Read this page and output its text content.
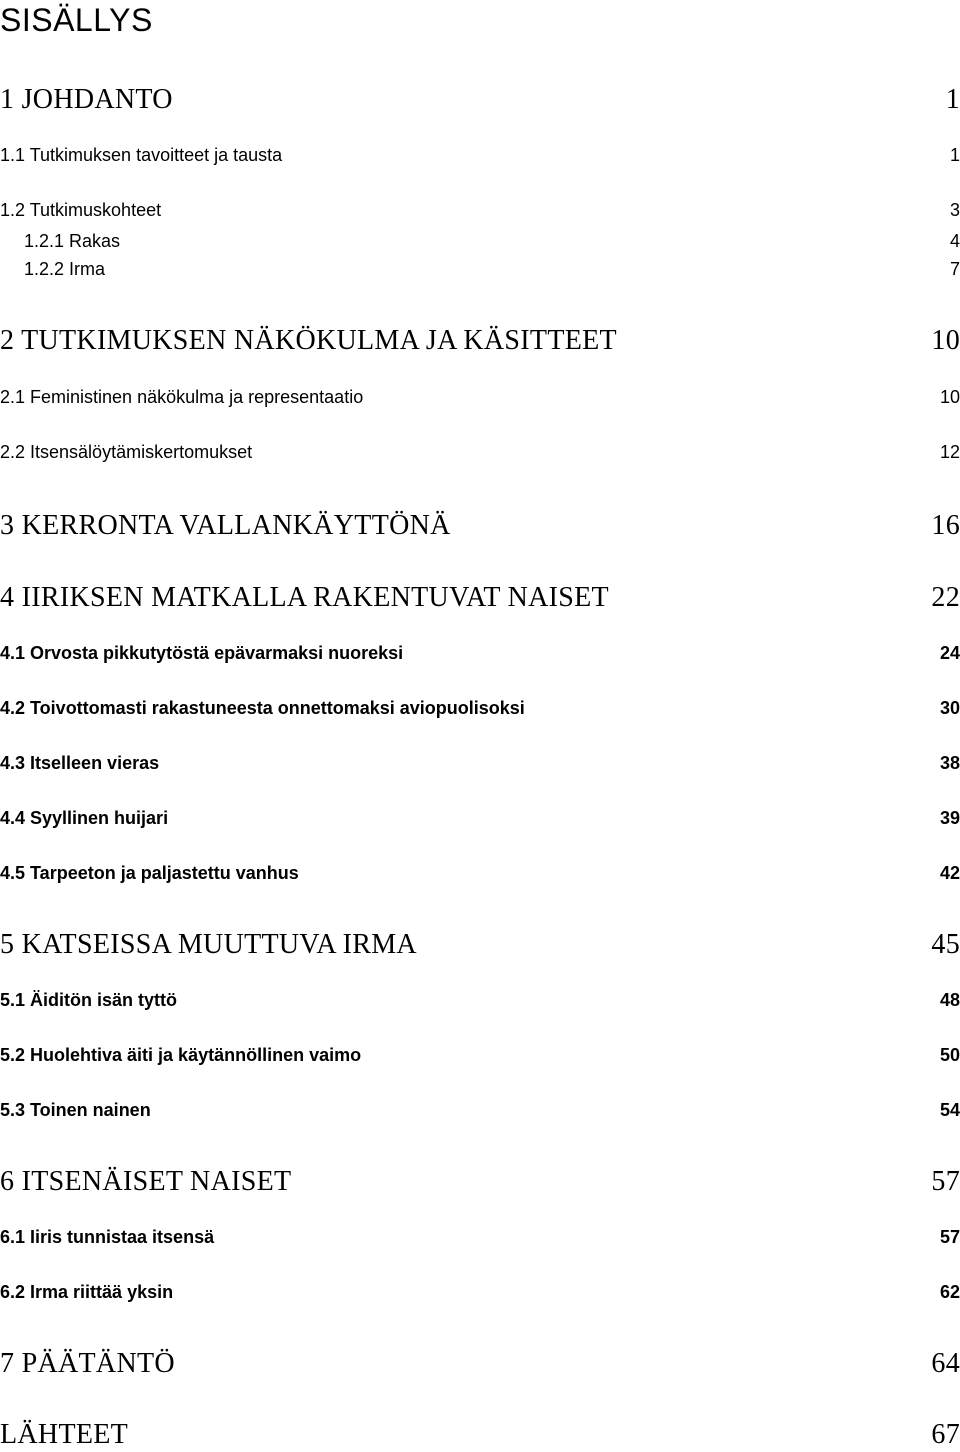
SISÄLLYS
1 JOHDANTO	1
1.1 Tutkimuksen tavoitteet ja tausta	1
1.2 Tutkimuskohteet	3
1.2.1 Rakas	4
1.2.2 Irma	7
2 TUTKIMUKSEN NÄKÖKULMA JA KÄSITTEET	10
2.1 Feministinen näkökulma ja representaatio	10
2.2 Itsensälöytämiskertomukset	12
3 KERRONTA VALLANKÄYTTÖNÄ	16
4 IIRIKSEN MATKALLA RAKENTUVAT NAISET	22
4.1 Orvosta pikkutytöstä epävarmaksi nuoreksi	24
4.2 Toivottomasti rakastuneesta onnettomaksi aviopuolisoksi	30
4.3 Itselleen vieras	38
4.4 Syyllinen huijari	39
4.5 Tarpeeton ja paljastettu vanhus	42
5 KATSEISSA MUUTTUVA IRMA	45
5.1 Äiditön isän tyttö	48
5.2 Huolehtiva äiti ja käytännöllinen vaimo	50
5.3 Toinen nainen	54
6 ITSENÄISET NAISET	57
6.1 Iiris tunnistaa itsensä	57
6.2 Irma riittää yksin	62
7 PÄÄTÄNTÖ	64
LÄHTEET	67
